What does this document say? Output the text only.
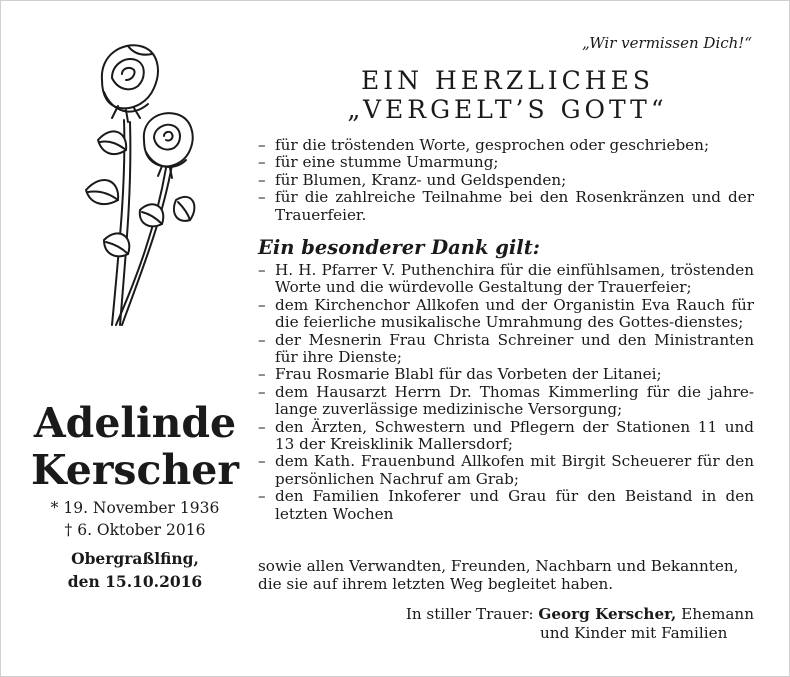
„Wir vermissen Dich!“
EIN HERZLICHES
„VERGELT’S GOTT“
Adelinde
Kerscher
* 19. November 1936
† 6. Oktober 2016
Obergraßlfing,
den 15.10.2016
– für die tröstenden Worte, gesprochen oder geschrieben;
– für eine stumme Umarmung;
– für Blumen, Kranz- und Geldspenden;
– für die zahlreiche Teilnahme bei den Rosenkränzen und der Trauerfeier.
Ein besonderer Dank gilt:
– H. H. Pfarrer V. Puthenchira für die einfühlsamen, tröstenden Worte und die würdevolle Gestaltung der Trauerfeier;
– dem Kirchenchor Allkofen und der Organistin Eva Rauch für die feierliche musikalische Umrahmung des Gottes-dienstes;
– der Mesnerin Frau Christa Schreiner und den Ministranten für ihre Dienste;
– Frau Rosmarie Blabl für das Vorbeten der Litanei;
– dem Hausarzt Herrn Dr. Thomas Kimmerling für die jahre-lange zuverlässige medizinische Versorgung;
– den Ärzten, Schwestern und Pflegern der Stationen 11 und 13 der Kreisklinik Mallersdorf;
– dem Kath. Frauenbund Allkofen mit Birgit Scheuerer für den persönlichen Nachruf am Grab;
– den Familien Inkoferer und Grau für den Beistand in den letzten Wochen
sowie allen Verwandten, Freunden, Nachbarn und Bekannten,
die sie auf ihrem letzten Weg begleitet haben.
In stiller Trauer: Georg Kerscher, Ehemann
und Kinder mit Familien
